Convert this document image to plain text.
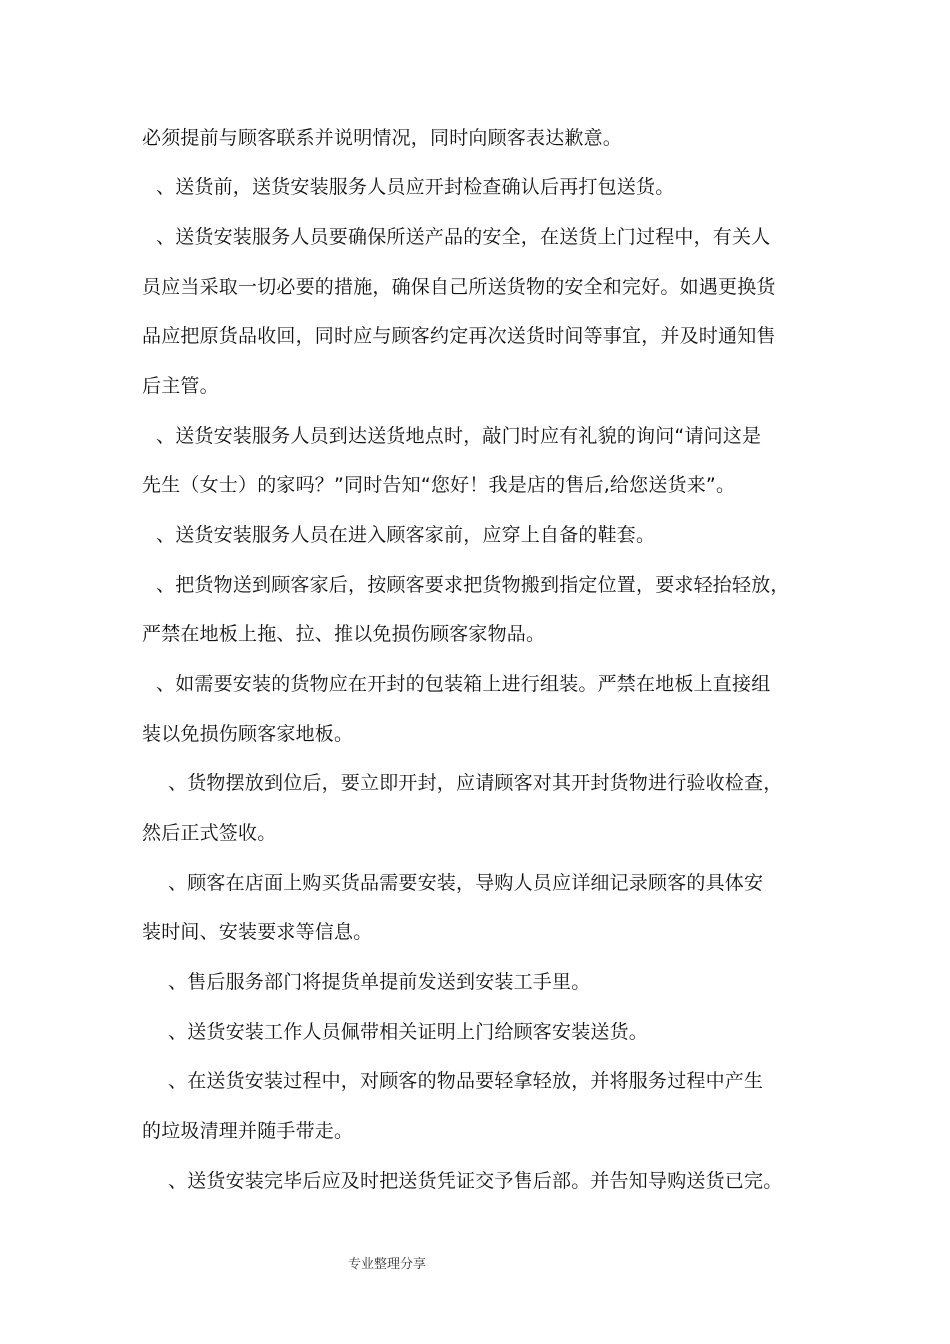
必须提前与顾客联系并说明情况，同时向顾客表达歉意。
、送货前，送货安装服务人员应开封检查确认后再打包送货。
、送货安装服务人员要确保所送产品的安全，在送货上门过程中，有关人
员应当采取一切必要的措施，确保自己所送货物的安全和完好。如遇更换货
品应把原货品收回，同时应与顾客约定再次送货时间等事宜，并及时通知售
后主管。
、送货安装服务人员到达送货地点时，敲门时应有礼貌的询问“请问这是
先生（女士）的家吗？”同时告知“您好！我是店的售后,给您送货来”。
、送货安装服务人员在进入顾客家前，应穿上自备的鞋套。
、把货物送到顾客家后，按顾客要求把货物搬到指定位置，要求轻抬轻放，
严禁在地板上拖、拉、推以免损伤顾客家物品。
、如需要安装的货物应在开封的包装箱上进行组装。严禁在地板上直接组
装以免损伤顾客家地板。
、货物摆放到位后，要立即开封，应请顾客对其开封货物进行验收检查，
然后正式签收。
、顾客在店面上购买货品需要安装，导购人员应详细记录顾客的具体安
装时间、安装要求等信息。
、售后服务部门将提货单提前发送到安装工手里。
、送货安装工作人员佩带相关证明上门给顾客安装送货。
、在送货安装过程中，对顾客的物品要轻拿轻放，并将服务过程中产生
的垃圾清理并随手带走。
、送货安装完毕后应及时把送货凭证交予售后部。并告知导购送货已完。
专业整理分享
